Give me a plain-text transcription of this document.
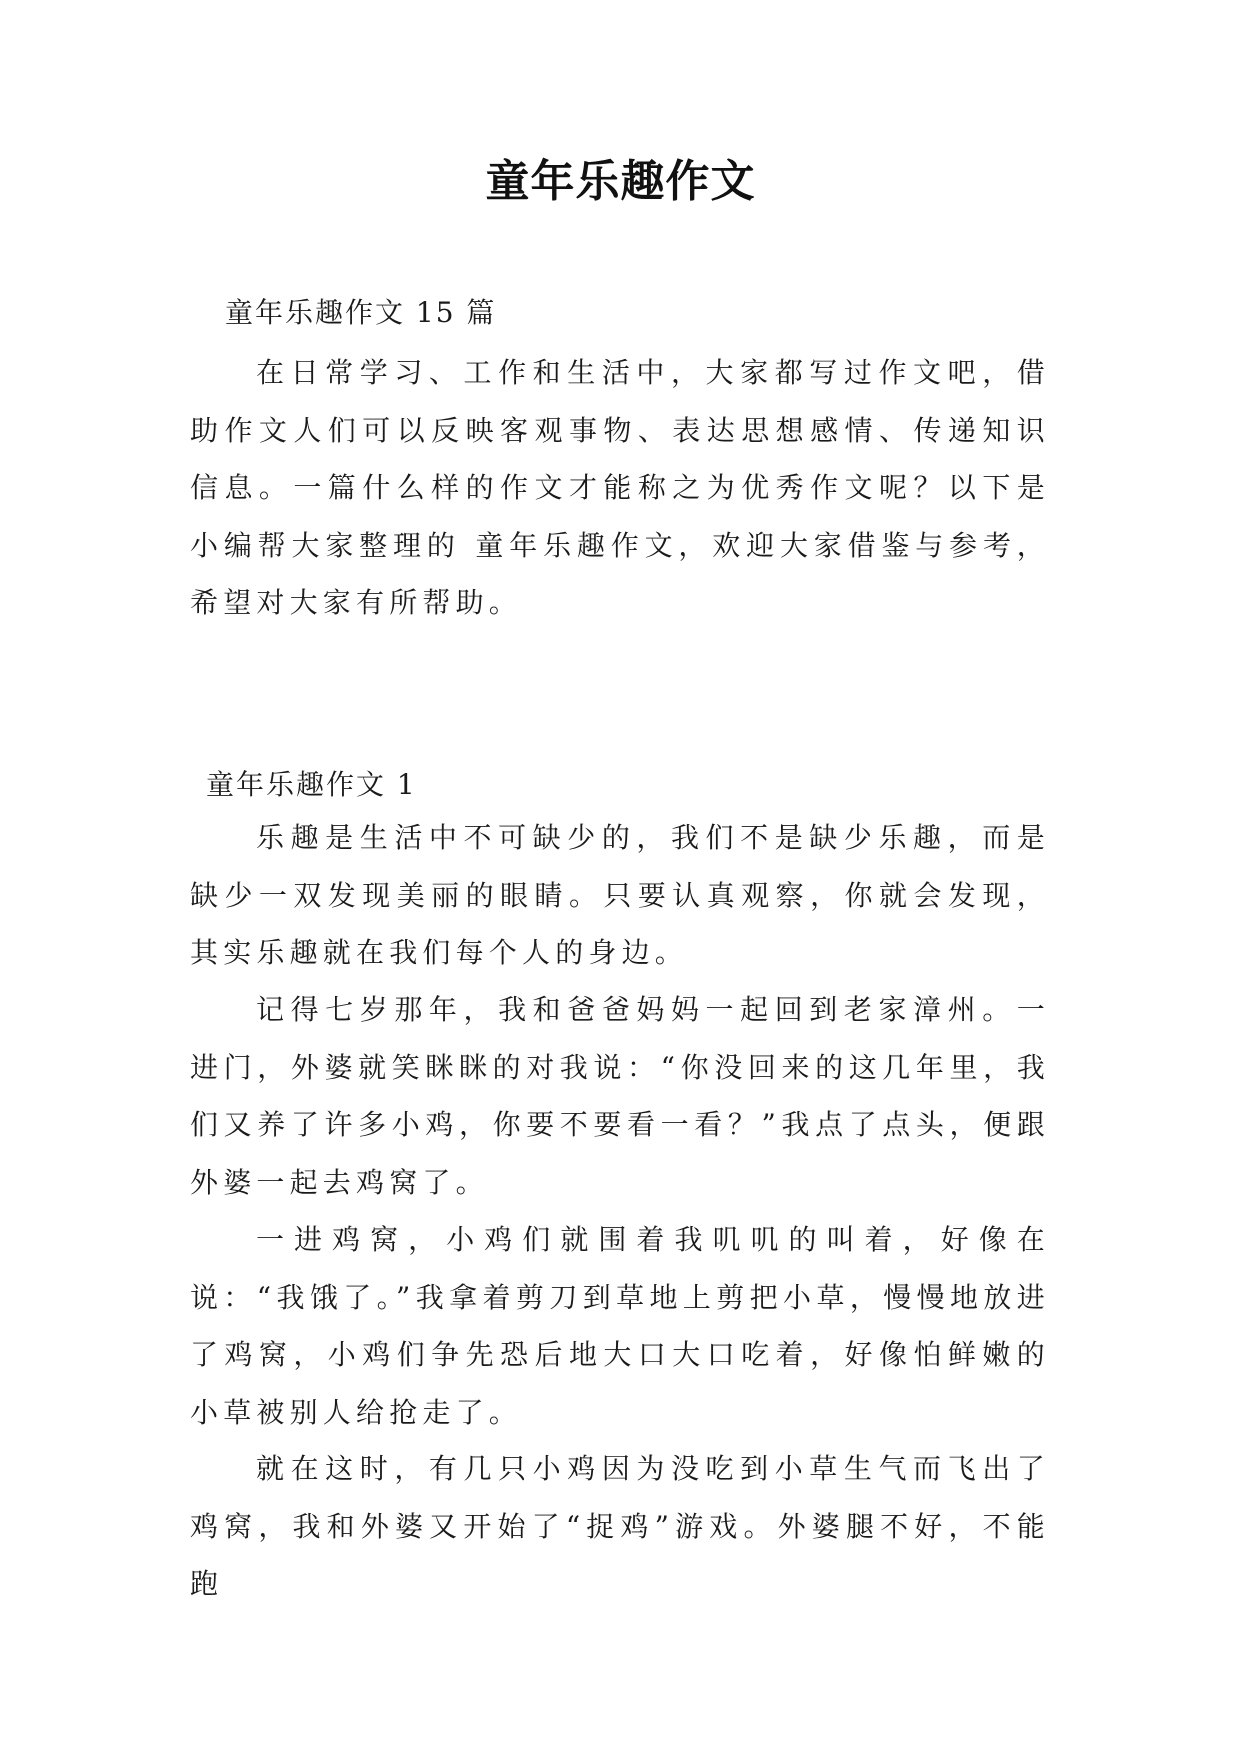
童年乐趣作文
童年乐趣作文 15 篇

在日常学习、工作和生活中，大家都写过作文吧，借助作文人们可以反映客观事物、表达思想感情、传递知识信息。一篇什么样的作文才能称之为优秀作文呢？以下是小编帮大家整理的 童年乐趣作文，欢迎大家借鉴与参考，希望对大家有所帮助。

童年乐趣作文 1

乐趣是生活中不可缺少的，我们不是缺少乐趣，而是缺少一双发现美丽的眼睛。只要认真观察，你就会发现，其实乐趣就在我们每个人的身边。

记得七岁那年，我和爸爸妈妈一起回到老家漳州。一进门，外婆就笑眯眯的对我说：“你没回来的这几年里，我们又养了许多小鸡，你要不要看一看？”我点了点头，便跟外婆一起去鸡窝了。

一进鸡窝，小鸡们就围着我叽叽的叫着，好像在说：“我饿了。”我拿着剪刀到草地上剪把小草，慢慢地放进了鸡窝，小鸡们争先恐后地大口大口吃着，好像怕鲜嫩的小草被别人给抢走了。

就在这时，有几只小鸡因为没吃到小草生气而飞出了鸡窝，我和外婆又开始了“捉鸡”游戏。外婆腿不好，不能跑
